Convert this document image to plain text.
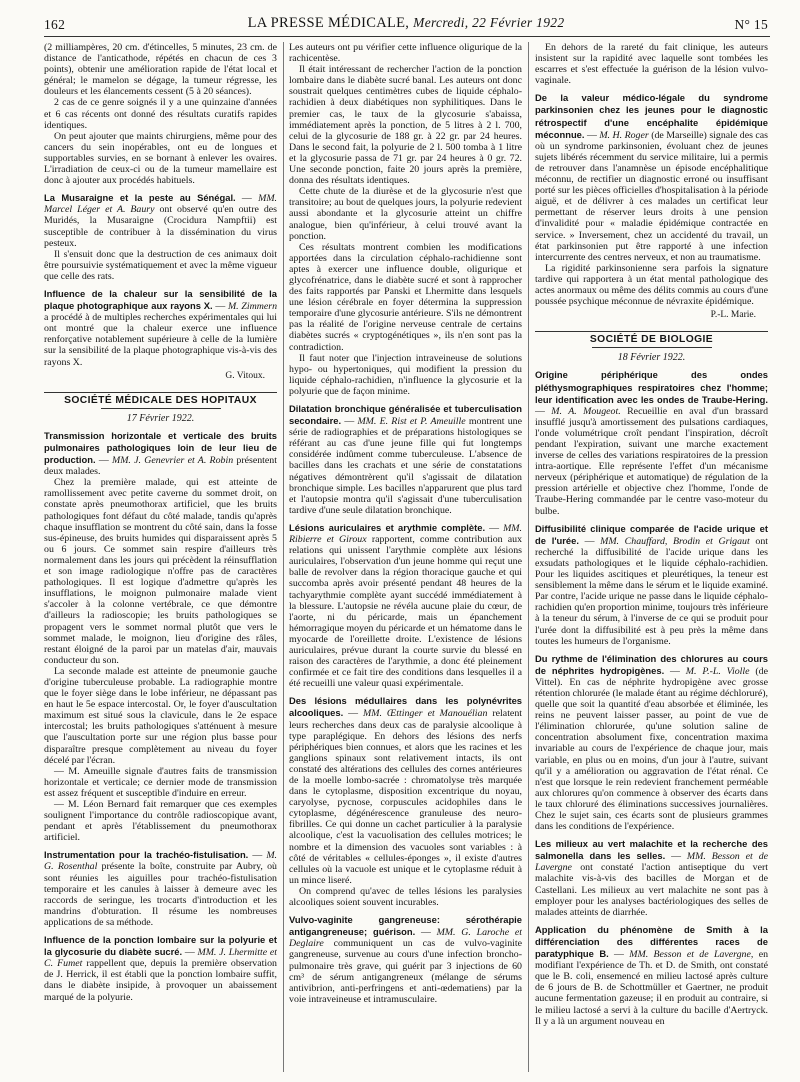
162	LA PRESSE MÉDICALE, Mercredi, 22 Février 1922	N° 15

(2 milliampères, 20 cm. d'étincelles, 5 minutes, 23 cm. de distance de l'anticathode, répétés en chacun de ces 3 points), obtenir une amélioration rapide de l'état local et général; le mamelon se dégage, la tumeur régresse, les douleurs et les élancements cessent (5 à 20 séances).

2 cas de ce genre soignés il y a une quinzaine d'années et 6 cas récents ont donné des résultats curatifs rapides identiques.

On peut ajouter que maints chirurgiens, même pour des cancers du sein inopérables, ont eu de longues et supportables survies, en se bornant à enlever les ovaires. L'irradiation de ceux-ci ou de la tumeur mamellaire est donc à ajouter aux procédés habituels.

La Musaraigne et la peste au Sénégal. — MM. Marcel Léger et A. Baury ont observé qu'en outre des Muridés, la Musaraigne (Crocidura Nampftii) est susceptible de contribuer à la dissémination du virus pesteux.

Il s'ensuit donc que la destruction de ces animaux doit être poursuivie systématiquement et avec la même vigueur que celle des rats.

Influence de la chaleur sur la sensibilité de la plaque photographique aux rayons X. — M. Zimmern a procédé à de multiples recherches expérimentales qui lui ont montré que la chaleur exerce une influence renforçative notablement supérieure à celle de la lumière sur la sensibilité de la plaque photographique vis-à-vis des rayons X.

G. Vitoux.
SOCIÉTÉ MÉDICALE DES HOPITAUX
17 Février 1922.

Transmission horizontale et verticale des bruits pulmonaires pathologiques loin de leur lieu de production. — MM. J. Genevrier et A. Robin présentent deux malades.

Chez la première malade, qui est atteinte de ramollissement avec petite caverne du sommet droit, on constate après pneumothorax artificiel, que les bruits pathologiques font défaut du côté malade, tandis qu'après chaque insufflation se montrent du côté sain, dans la fosse sus-épineuse, des bruits humides qui disparaissent après 5 ou 6 jours. Ce sommet sain respire d'ailleurs très normalement dans les jours qui précèdent la réinsufflation et son image radiologique n'offre pas de caractères pathologiques. Il est logique d'admettre qu'après les insufflations, le moignon pulmonaire malade vient s'accoler à la colonne vertébrale, ce que démontre d'ailleurs la radioscopie; les bruits pathologiques se propagent vers le sommet normal plutôt que vers le sommet malade, le moignon, lieu d'origine des râles, restant éloigné de la paroi par un matelas d'air, mauvais conducteur du son.

La seconde malade est atteinte de pneumonie gauche d'origine tuberculeuse probable. La radiographie montre que le foyer siège dans le lobe inférieur, ne dépassant pas en haut le 5e espace intercostal. Or, le foyer d'auscultation maximum est situé sous la clavicule, dans le 2e espace intercostal; les bruits pathologiques s'atténuent à mesure que l'auscultation porte sur une région plus basse pour disparaître presque complètement au niveau du foyer décelé par l'écran.

— M. Ameuille signale d'autres faits de transmission horizontale et verticale; ce dernier mode de transmission est assez fréquent et susceptible d'induire en erreur.

— M. Léon Bernard fait remarquer que ces exemples soulignent l'importance du contrôle radioscopique avant, pendant et après l'établissement du pneumothorax artificiel.

Instrumentation pour la trachéo-fistulisation. — M. G. Rosenthal présente la boîte, construite par Aubry, où sont réunies les aiguilles pour trachéo-fistulisation temporaire et les canules à laisser à demeure avec les raccords de seringue, les trocarts d'introduction et les mandrins d'obturation. Il résume les nombreuses applications de sa méthode.

Influence de la ponction lombaire sur la polyurie et la glycosurie du diabète sucré. — MM. J. Lhermitte et C. Fumet rappellent que, depuis la première observation de J. Herrick, il est établi que la ponction lombaire suffit, dans le diabète insipide, à provoquer un abaissement marqué de la polyurie.

Les auteurs ont pu vérifier cette influence oligurique de la rachicentèse.

Il était intéressant de rechercher l'action de la ponction lombaire dans le diabète sucré banal. Les auteurs ont donc soustrait quelques centimètres cubes de liquide céphalo-rachidien à deux diabétiques non syphilitiques. Dans le premier cas, le taux de la glycosurie s'abaissa, immédiatement après la ponction, de 5 litres à 2 l. 700, celui de la glycosurie de 188 gr. à 22 gr. par 24 heures. Dans le second fait, la polyurie de 2 l. 500 tomba à 1 litre et la glycosurie passa de 71 gr. par 24 heures à 0 gr. 72. Une seconde ponction, faite 20 jours après la première, donna des résultats identiques.

Cette chute de la diurèse et de la glycosurie n'est que transitoire; au bout de quelques jours, la polyurie redevient aussi abondante et la glycosurie atteint un chiffre analogue, bien qu'inférieur, à celui trouvé avant la ponction.

Ces résultats montrent combien les modifications apportées dans la circulation céphalo-rachidienne sont aptes à exercer une influence double, oligurique et glycofrénatrice, dans le diabète sucré et sont à rapprocher des faits rapportés par Panski et Lhermitte dans lesquels une lésion cérébrale en foyer détermina la suppression temporaire d'une glycosurie antérieure. S'ils ne démontrent pas la réalité de l'origine nerveuse centrale de certains diabètes sucrés « cryptogénétiques », ils n'en sont pas la contradiction.

Il faut noter que l'injection intraveineuse de solutions hypo- ou hypertoniques, qui modifient la pression du liquide céphalo-rachidien, n'influence la glycosurie et la polyurie que de façon minime.

Dilatation bronchique généralisée et tuberculisation secondaire. — MM. E. Rist et P. Ameuille montrent une série de radiographies et de préparations histologiques se référant au cas d'une jeune fille qui fut longtemps considérée indûment comme tuberculeuse. L'absence de bacilles dans les crachats et une série de constatations négatives démontrèrent qu'il s'agissait de dilatation bronchique simple. Les bacilles n'apparurent que plus tard et l'autopsie montra qu'il s'agissait d'une tuberculisation tardive d'une seule dilatation bronchique.

Lésions auriculaires et arythmie complète. — MM. Ribierre et Giroux rapportent, comme contribution aux relations qui unissent l'arythmie complète aux lésions auriculaires, l'observation d'un jeune homme qui reçut une balle de revolver dans la région thoracique gauche et qui succomba après avoir présenté pendant 48 heures de la tachyarythmie complète ayant succédé immédiatement à la blessure. L'autopsie ne révéla aucune plaie du cœur, de l'aorte, ni du péricarde, mais un épanchement hémorragique moyen du péricarde et un hématome dans le myocarde de l'oreillette droite. L'existence de lésions auriculaires, prévue durant la courte survie du blessé en raison des caractères de l'arythmie, a donc été pleinement confirmée et ce fait tire des conditions dans lesquelles il a été recueilli une valeur quasi expérimentale.

Des lésions médullaires dans les polynévrites alcooliques. — MM. Œttinger et Manouélian relatent leurs recherches dans deux cas de paralysie alcoolique à type paraplégique. En dehors des lésions des nerfs périphériques bien connues, et alors que les racines et les ganglions spinaux sont relativement intacts, ils ont constaté des altérations des cellules des cornes antérieures de la moelle lombo-sacrée : chromatolyse très marquée dans le cytoplasme, disposition excentrique du noyau, caryolyse, pycnose, corpuscules acidophiles dans le cytoplasme, dégénérescence granuleuse des neuro-fibrilles. Ce qui donne un cachet particulier à la paralysie alcoolique, c'est la vacuolisation des cellules motrices; le nombre et la dimension des vacuoles sont variables : à côté de véritables « cellules-éponges », il existe d'autres cellules où la vacuole est unique et le cytoplasme réduit à un mince liseré.

On comprend qu'avec de telles lésions les paralysies alcooliques soient souvent incurables.

Vulvo-vaginite gangreneuse: sérothérapie antigangreneuse; guérison. — MM. G. Laroche et Deglaire communiquent un cas de vulvo-vaginite gangreneuse, survenue au cours d'une infection broncho-pulmonaire très grave, qui guérit par 3 injections de 60 cm³ de sérum antigangreneux (mélange de sérums antivibrion, anti-perfringens et anti-œdematiens) par la voie intraveineuse et intramusculaire.

En dehors de la rareté du fait clinique, les auteurs insistent sur la rapidité avec laquelle sont tombées les escarres et s'est effectuée la guérison de la lésion vulvo-vaginale.

De la valeur médico-légale du syndrome parkinsonien chez les jeunes pour le diagnostic rétrospectif d'une encéphalite épidémique méconnue. — M. H. Roger (de Marseille) signale des cas où un syndrome parkinsonien, évoluant chez de jeunes sujets libérés récemment du service militaire, lui a permis de retrouver dans l'anamnèse un épisode encéphalitique méconnu, de rectifier un diagnostic erroné ou insuffisant porté sur les pièces officielles d'hospitalisation à la période aiguë, et de délivrer à ces malades un certificat leur permettant de réserver leurs droits à une pension d'invalidité pour « maladie épidémique contractée en service. » Inversement, chez un accidenté du travail, un état parkinsonien put être rapporté à une infection intercurrente des centres nerveux, et non au traumatisme.

La rigidité parkinsonienne sera parfois la signature tardive qui rapportera à un état mental pathologique des actes anormaux ou même des délits commis au cours d'une poussée psychique méconnue de névraxite épidémique.

P.-L. Marie.
SOCIÉTÉ DE BIOLOGIE
18 Février 1922.

Origine périphérique des ondes pléthysmographiques respiratoires chez l'homme; leur identification avec les ondes de Traube-Hering. — M. A. Mougeot. Recueillie en aval d'un brassard insufflé jusqu'à amortissement des pulsations cardiaques, l'onde volumétrique croît pendant l'inspiration, décroît pendant l'expiration, suivant une marche exactement inverse de celles des variations respiratoires de la pression intra-aortique. Elle représente l'effet d'un mécanisme nerveux (périphérique et automatique) de régulation de la pression artérielle et objective chez l'homme, l'onde de Traube-Hering commandée par le centre vaso-moteur du bulbe.

Diffusibilité clinique comparée de l'acide urique et de l'urée. — MM. Chauffard, Brodin et Grigaut ont recherché la diffusibilité de l'acide urique dans les exsudats pathologiques et le liquide céphalo-rachidien. Pour les liquides ascitiques et pleurétiques, la teneur est sensiblement la même dans le sérum et le liquide examiné. Par contre, l'acide urique ne passe dans le liquide céphalo-rachidien qu'en proportion minime, toujours très inférieure à la teneur du sérum, à l'inverse de ce qui se produit pour l'urée dont la diffusibilité est à peu près la même dans toutes les humeurs de l'organisme.

Du rythme de l'élimination des chlorures au cours de néphrites hydropigènes. — M. P.-L. Violle (de Vittel). En cas de néphrite hydropigène avec grosse rétention chlorurée (le malade étant au régime déchloruré), quelle que soit la quantité d'eau absorbée et éliminée, les reins ne peuvent laisser passer, au point de vue de l'élimination chlorurée, qu'une solution saline de concentration absolument fixe, concentration maxima invariable au cours de l'expérience de chaque jour, mais variable, en plus ou en moins, d'un jour à l'autre, suivant qu'il y a amélioration ou aggravation de l'état rénal. Ce n'est que lorsque le rein redevient franchement perméable aux chlorures qu'on commence à observer des écarts dans le taux chloruré des éliminations successives journalières. Chez le sujet sain, ces écarts sont de plusieurs grammes dans les conditions de l'expérience.

Les milieux au vert malachite et la recherche des salmonella dans les selles. — MM. Besson et de Lavergne ont constaté l'action antiseptique du vert malachite vis-à-vis des bacilles de Morgan et de Castellani. Les milieux au vert malachite ne sont pas à employer pour les analyses bactériologiques des selles de malades atteints de diarrhée.

Application du phénomène de Smith à la différenciation des différentes races de paratyphique B. — MM. Besson et de Lavergne, en modifiant l'expérience de Th. et D. de Smith, ont constaté que le B. coli, ensemencé en milieu lactosé après culture de 6 jours de B. de Schottmüller et Gaertner, ne produit aucune fermentation gazeuse; il en produit au contraire, si le milieu lactosé a servi à la culture du bacille d'Aertryck. Il y a là un argument nouveau en
